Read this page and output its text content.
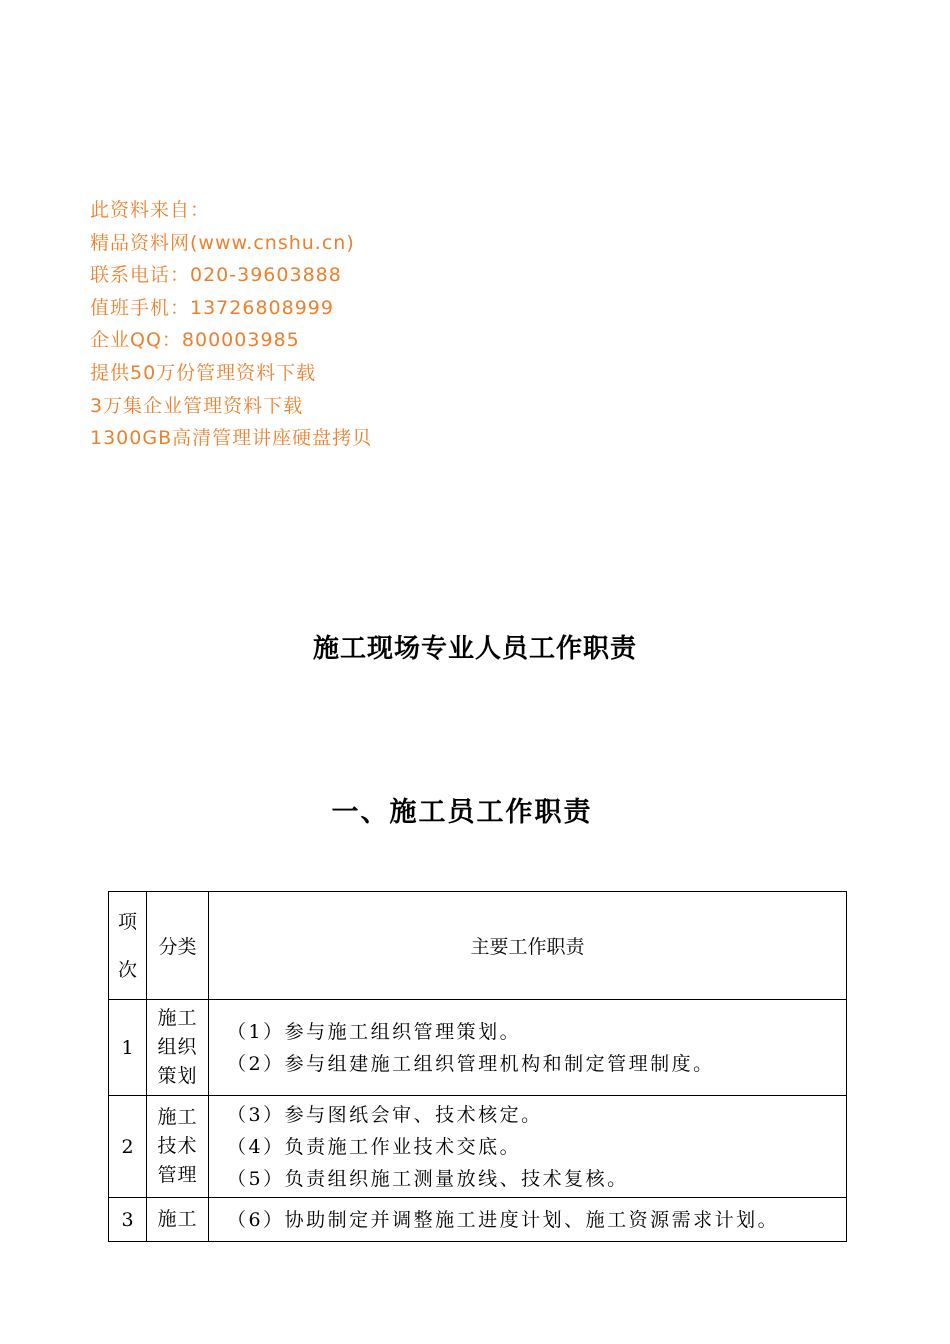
此资料来自：
精品资料网(www.cnshu.cn)
联系电话：020-39603888
值班手机：13726808999
企业QQ：800003985
提供50万份管理资料下载
3万集企业管理资料下载
1300GB高清管理讲座硬盘拷贝
施工现场专业人员工作职责
一、施工员工作职责
项
次	分类	主要工作职责
1	施工
组织
策划	（1）参与施工组织管理策划。
（2）参与组建施工组织管理机构和制定管理制度。

2	施工
技术
管理	（3）参与图纸会审、技术核定。
（4）负责施工作业技术交底。
（5）负责组织施工测量放线、技术复核。

3	施工	（6）协助制定并调整施工进度计划、施工资源需求计划。
